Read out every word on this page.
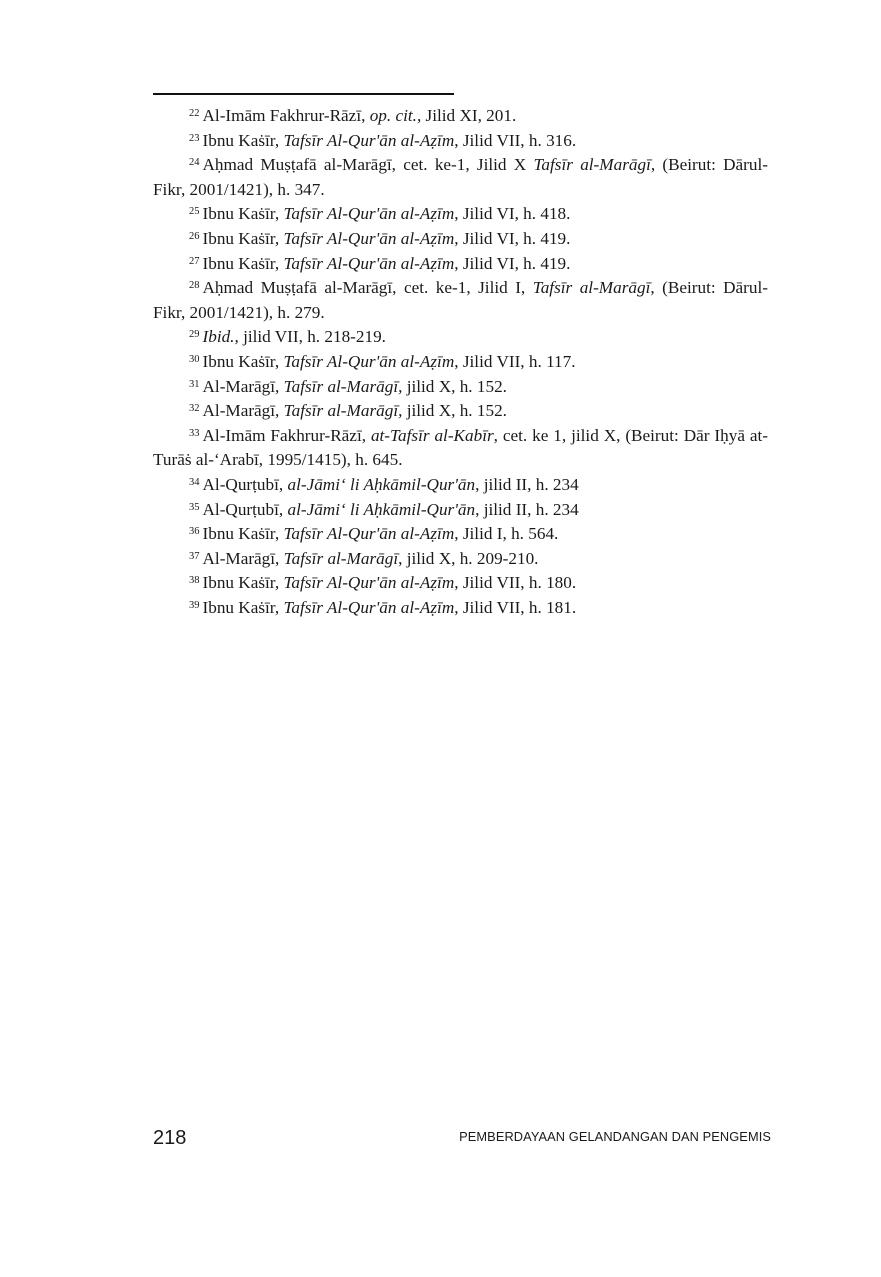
$^{22}$ Al-Imām Fakhrur-Rāzī, op. cit., Jilid XI, 201.

$^{23}$ Ibnu Kaṡīr, Tafsīr Al-Qur'ān al-Aẓīm, Jilid VII, h. 316.

$^{24}$ Aḥmad Muṣṭafā al-Marāgī, cet. ke-1, Jilid X Tafsīr al-Marāgī, (Beirut: Dārul-Fikr, 2001/1421), h. 347.

$^{25}$ Ibnu Kaṡīr, Tafsīr Al-Qur'ān al-Aẓīm, Jilid VI, h. 418.

$^{26}$ Ibnu Kaṡīr, Tafsīr Al-Qur'ān al-Aẓīm, Jilid VI, h. 419.

$^{27}$ Ibnu Kaṡīr, Tafsīr Al-Qur'ān al-Aẓīm, Jilid VI, h. 419.

$^{28}$ Aḥmad Muṣṭafā al-Marāgī, cet. ke-1, Jilid I, Tafsīr al-Marāgī, (Beirut: Dārul-Fikr, 2001/1421), h. 279.

$^{29}$ Ibid., jilid VII, h. 218-219.

$^{30}$ Ibnu Kaṡīr, Tafsīr Al-Qur'ān al-Aẓīm, Jilid VII, h. 117.

$^{31}$ Al-Marāgī, Tafsīr al-Marāgī, jilid X, h. 152.

$^{32}$ Al-Marāgī, Tafsīr al-Marāgī, jilid X, h. 152.

$^{33}$ Al-Imām Fakhrur-Rāzī, at-Tafsīr al-Kabīr, cet. ke 1, jilid X, (Beirut: Dār Iḥyā at-Turāṡ al-‘Arabī, 1995/1415), h. 645.

$^{34}$ Al-Qurṭubī, al-Jāmi‘ li Aḥkāmil-Qur'ān, jilid II, h. 234

$^{35}$ Al-Qurṭubī, al-Jāmi‘ li Aḥkāmil-Qur'ān, jilid II, h. 234

$^{36}$ Ibnu Kaṡīr, Tafsīr Al-Qur'ān al-Aẓīm, Jilid I, h. 564.

$^{37}$ Al-Marāgī, Tafsīr al-Marāgī, jilid X, h. 209-210.

$^{38}$ Ibnu Kaṡīr, Tafsīr Al-Qur'ān al-Aẓīm, Jilid VII, h. 180.

$^{39}$ Ibnu Kaṡīr, Tafsīr Al-Qur'ān al-Aẓīm, Jilid VII, h. 181.

218	PEMBERDAYAAN GELANDANGAN DAN PENGEMIS
